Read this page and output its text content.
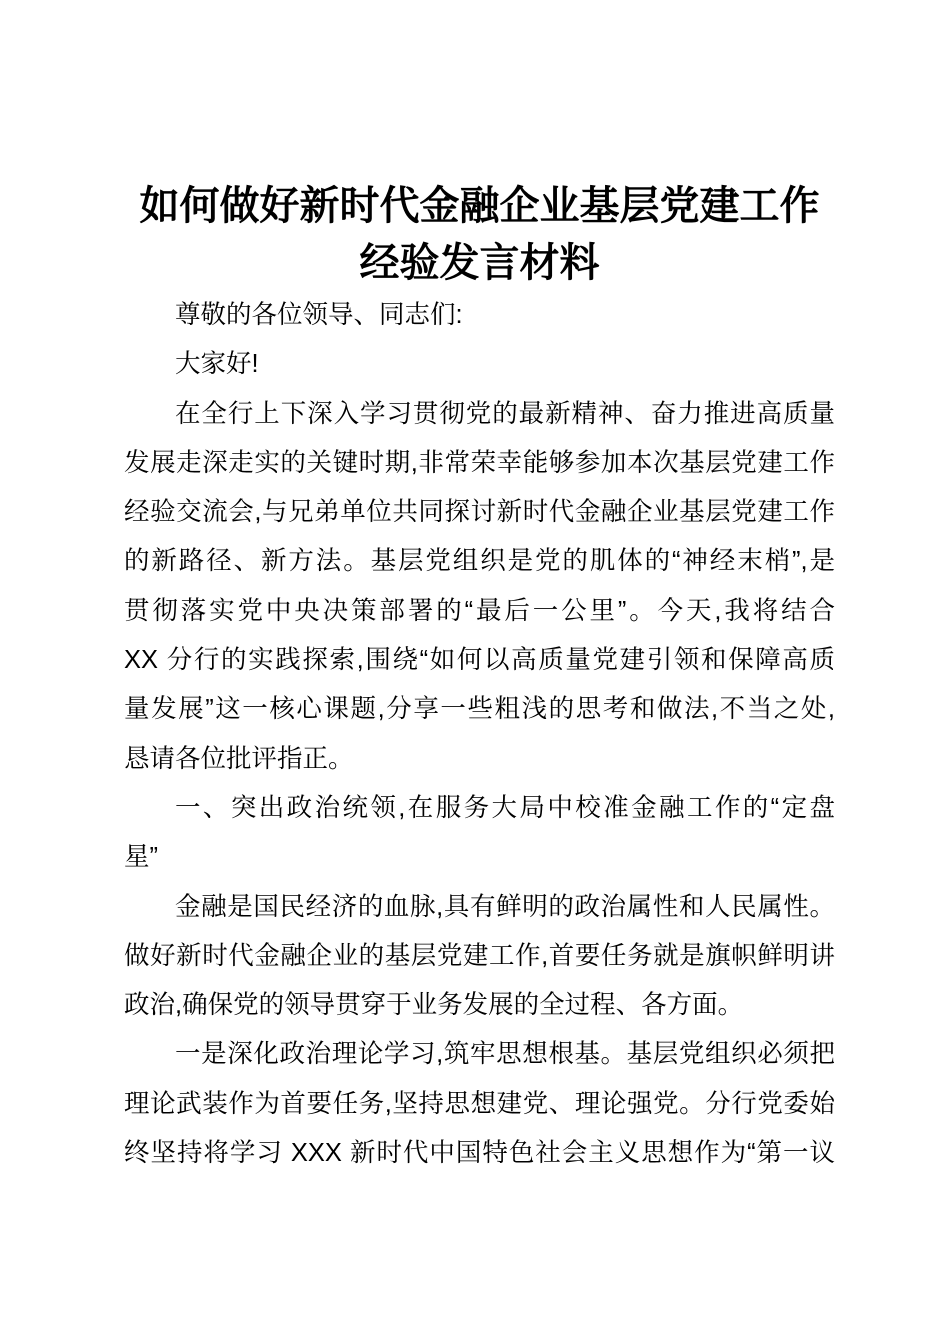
如何做好新时代金融企业基层党建工作
经验发言材料
尊敬的各位领导、同志们:
大家好!
在全行上下深入学习贯彻党的最新精神、奋力推进高质量
发展走深走实的关键时期,非常荣幸能够参加本次基层党建工作
经验交流会,与兄弟单位共同探讨新时代金融企业基层党建工作
的新路径、新方法。基层党组织是党的肌体的“神经末梢”,是
贯彻落实党中央决策部署的“最后一公里”。今天,我将结合
XX 分行的实践探索,围绕“如何以高质量党建引领和保障高质
量发展”这一核心课题,分享一些粗浅的思考和做法,不当之处,
恳请各位批评指正。
一、突出政治统领,在服务大局中校准金融工作的“定盘
星”
金融是国民经济的血脉,具有鲜明的政治属性和人民属性。
做好新时代金融企业的基层党建工作,首要任务就是旗帜鲜明讲
政治,确保党的领导贯穿于业务发展的全过程、各方面。
一是深化政治理论学习,筑牢思想根基。基层党组织必须把
理论武装作为首要任务,坚持思想建党、理论强党。分行党委始
终坚持将学习 XXX 新时代中国特色社会主义思想作为“第一议
